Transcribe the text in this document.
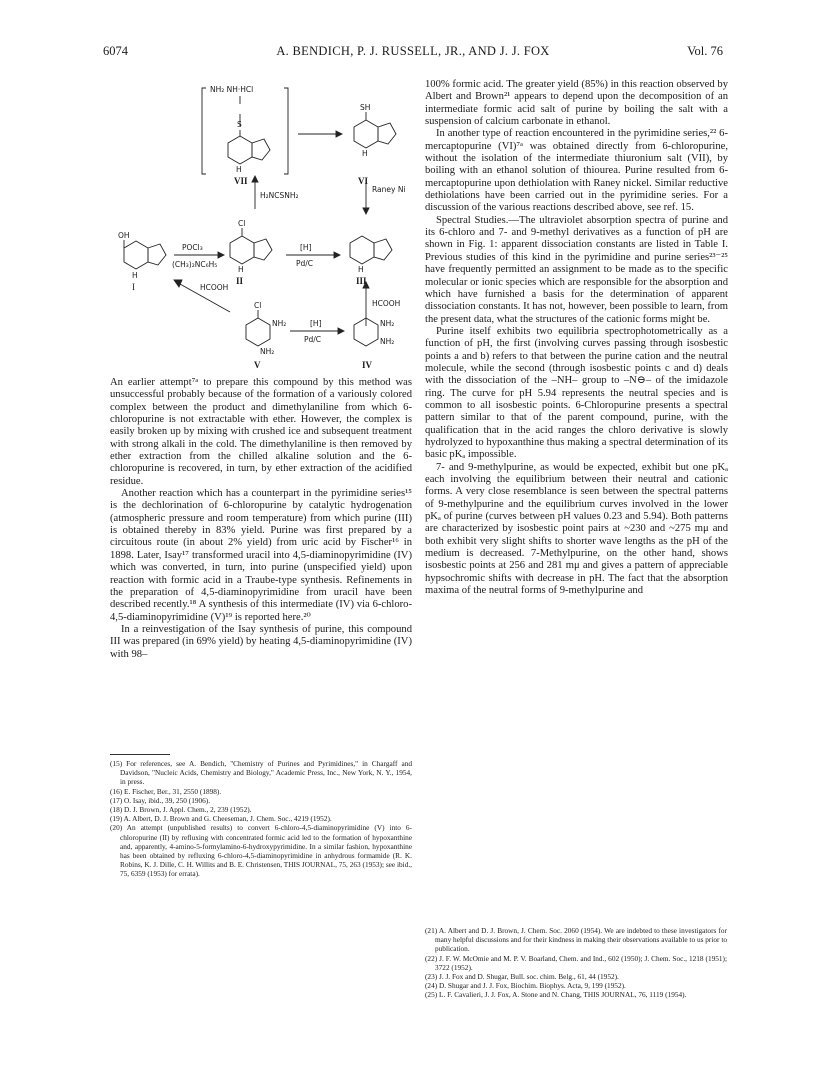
6074	A. BENDICH, P. J. RUSSELL, JR., AND J. J. FOX	Vol. 76
NH₂ NH·HCl
S
SH
H
H
VII	VI
H₂NCSNH₂
Raney Ni
OH
Cl
POCl₃
(CH₃)₂NC₆H₅
[H]
Pd/C
H
H	H
I
II	III
HCOOH
HCOOH
Cl
NH₂
NH₂
NH₂
NH₂
[H]
Pd/C
V	IV

An earlier attempt⁷ᵃ to prepare this compound by this method was unsuccessful probably because of the formation of a variously colored complex between the product and dimethylaniline from which 6-chloropurine is not extractable with ether. However, the complex is easily broken up by mixing with crushed ice and subsequent treatment with strong alkali in the cold. The dimethylaniline is then removed by ether extraction from the chilled alkaline solution and the 6-chloropurine is recovered, in turn, by ether extraction of the acidified residue.

Another reaction which has a counterpart in the pyrimidine series¹⁵ is the dechlorination of 6-chloropurine by catalytic hydrogenation (atmospheric pressure and room temperature) from which purine (III) is obtained thereby in 83% yield. Purine was first prepared by a circuitous route (in about 2% yield) from uric acid by Fischer¹⁶ in 1898. Later, Isay¹⁷ transformed uracil into 4,5-diaminopyrimidine (IV) which was converted, in turn, into purine (unspecified yield) upon reaction with formic acid in a Traube-type synthesis. Refinements in the preparation of 4,5-diaminopyrimidine from uracil have been described recently.¹⁸ A synthesis of this intermediate (IV) via 6-chloro-4,5-diaminopyrimidine (V)¹⁹ is reported here.²⁰

In a reinvestigation of the Isay synthesis of purine, this compound III was prepared (in 69% yield) by heating 4,5-diaminopyrimidine (IV) with 98–

(15) For references, see A. Bendich, "Chemistry of Purines and Pyrimidines," in Chargaff and Davidson, "Nucleic Acids, Chemistry and Biology," Academic Press, Inc., New York, N. Y., 1954, in press.
(16) E. Fischer, Ber., 31, 2550 (1898).
(17) O. Isay, ibid., 39, 250 (1906).
(18) D. J. Brown, J. Appl. Chem., 2, 239 (1952).
(19) A. Albert, D. J. Brown and G. Cheeseman, J. Chem. Soc., 4219 (1952).
(20) An attempt (unpublished results) to convert 6-chloro-4,5-diaminopyrimidine (V) into 6-chloropurine (II) by refluxing with concentrated formic acid led to the formation of hypoxanthine and, apparently, 4-amino-5-formylamino-6-hydroxypyrimidine. In a similar fashion, hypoxanthine has been obtained by refluxing 6-chloro-4,5-diaminopyrimidine in anhydrous formamide (R. K. Robins, K. J. Dille, C. H. Willits and B. E. Christensen, THIS JOURNAL, 75, 263 (1953); see ibid., 75, 6359 (1953) for errata).

100% formic acid. The greater yield (85%) in this reaction observed by Albert and Brown²¹ appears to depend upon the decomposition of an intermediate formic acid salt of purine by boiling the salt with a suspension of calcium carbonate in ethanol.

In another type of reaction encountered in the pyrimidine series,²² 6-mercaptopurine (VI)⁷ᵃ was obtained directly from 6-chloropurine, without the isolation of the intermediate thiuronium salt (VII), by boiling with an ethanol solution of thiourea. Purine resulted from 6-mercaptopurine upon dethiolation with Raney nickel. Similar reductive dethiolations have been carried out in the pyrimidine series. For a discussion of the various reactions described above, see ref. 15.

Spectral Studies.—The ultraviolet absorption spectra of purine and its 6-chloro and 7- and 9-methyl derivatives as a function of pH are shown in Fig. 1: apparent dissociation constants are listed in Table I. Previous studies of this kind in the pyrimidine and purine series²³⁻²⁵ have frequently permitted an assignment to be made as to the specific molecular or ionic species which are responsible for the absorption and which have furnished a basis for the determination of apparent dissociation constants. It has not, however, been possible to learn, from the present data, what the structures of the cationic forms might be.

Purine itself exhibits two equilibria spectrophotometrically as a function of pH, the first (involving curves passing through isosbestic points a and b) refers to that between the purine cation and the neutral molecule, while the second (through isosbestic points c and d) deals with the dissociation of the –NH– group to –N⊖– of the imidazole ring. The curve for pH 5.94 represents the neutral species and is common to all isosbestic points. 6-Chloropurine presents a spectral pattern similar to that of the parent compound, purine, with the qualification that in the acid ranges the chloro derivative is slowly hydrolyzed to hypoxanthine thus making a spectral determination of its basic pKₐ impossible.

7- and 9-methylpurine, as would be expected, exhibit but one pKₐ each involving the equilibrium between their neutral and cationic forms. A very close resemblance is seen between the spectral patterns of 9-methylpurine and the equilibrium curves involved in the lower pKₐ of purine (curves between pH values 0.23 and 5.94). Both patterns are characterized by isosbestic point pairs at ~230 and ~275 mμ and both exhibit very slight shifts to shorter wave lengths as the pH of the medium is decreased. 7-Methylpurine, on the other hand, shows isosbestic points at 256 and 281 mμ and gives a pattern of appreciable hypsochromic shifts with decrease in pH. The fact that the absorption maxima of the neutral forms of 9-methylpurine and

(21) A. Albert and D. J. Brown, J. Chem. Soc. 2060 (1954). We are indebted to these investigators for many helpful discussions and for their kindness in making their observations available to us prior to publication.
(22) J. F. W. McOmie and M. P. V. Boarland, Chem. and Ind., 602 (1950); J. Chem. Soc., 1218 (1951); 3722 (1952).
(23) J. J. Fox and D. Shugar, Bull. soc. chim. Belg., 61, 44 (1952).
(24) D. Shugar and J. J. Fox, Biochim. Biophys. Acta, 9, 199 (1952).
(25) L. F. Cavalieri, J. J. Fox, A. Stone and N. Chang, THIS JOURNAL, 76, 1119 (1954).
